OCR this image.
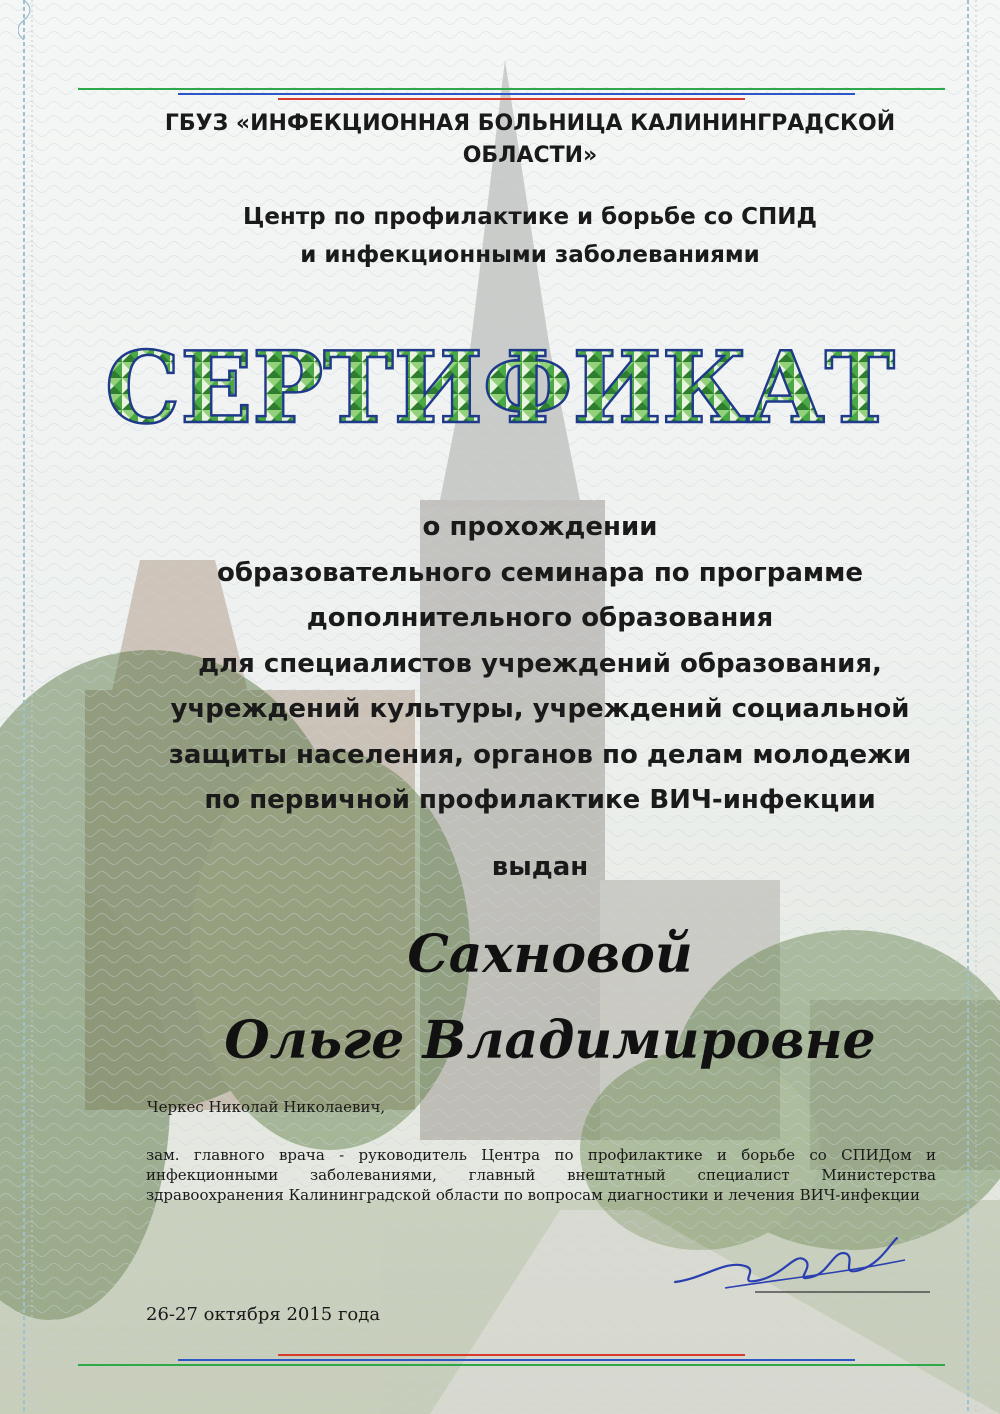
ГБУЗ «ИНФЕКЦИОННАЯ БОЛЬНИЦА КАЛИНИНГРАДСКОЙ
ОБЛАСТИ»
Центр по профилактике и борьбе со СПИД
и инфекционными заболеваниями
СЕРТИФИКАТ
о прохождении
образовательного семинара по программе
дополнительного образования
для специалистов учреждений образования,
учреждений культуры, учреждений социальной
защиты населения, органов по делам молодежи
по первичной профилактике ВИЧ-инфекции
выдан
Сахновой
Ольге Владимировне
Черкес Николай Николаевич,
зам. главного врача - руководитель Центра по профилактике и борьбе со СПИДом и инфекционными заболеваниями, главный внештатный специалист Министерства здравоохранения Калининградской области по вопросам диагностики и лечения ВИЧ-инфекции
26-27 октября 2015 года
